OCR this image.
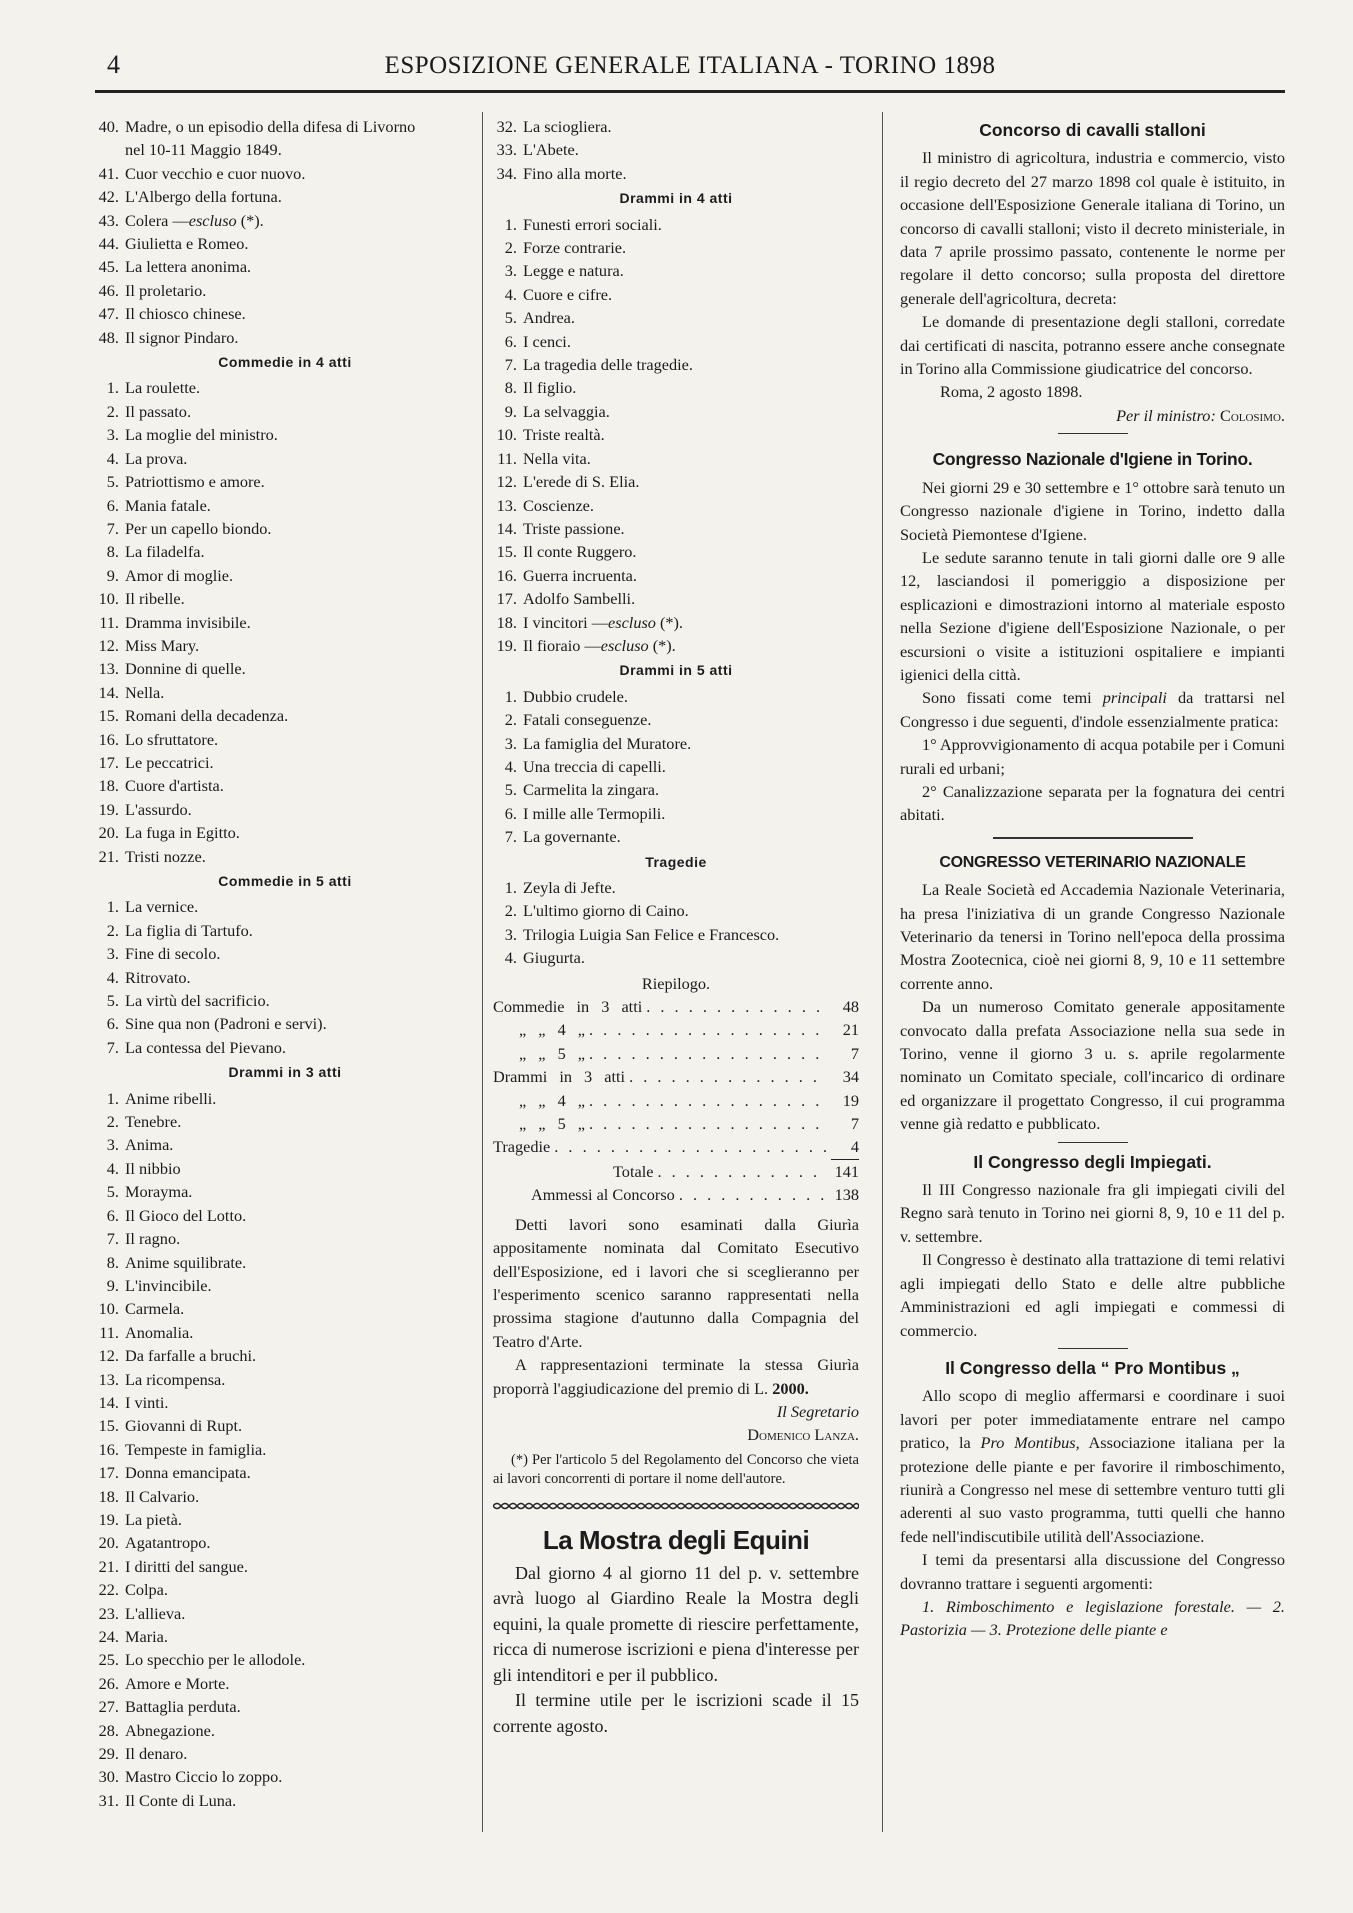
4	ESPOSIZIONE GENERALE ITALIANA - TORINO 1898
40. Madre, o un episodio della difesa di Livorno
nel 10-11 Maggio 1849.
41. Cuor vecchio e cuor nuovo.
42. L'Albergo della fortuna.
43. Colera — escluso (*).
44. Giulietta e Romeo.
45. La lettera anonima.
46. Il proletario.
47. Il chiosco chinese.
48. Il signor Pindaro.
Commedie in 4 atti
1. La roulette.
2. Il passato.
3. La moglie del ministro.
4. La prova.
5. Patriottismo e amore.
6. Mania fatale.
7. Per un capello biondo.
8. La filadelfa.
9. Amor di moglie.
10. Il ribelle.
11. Dramma invisibile.
12. Miss Mary.
13. Donnine di quelle.
14. Nella.
15. Romani della decadenza.
16. Lo sfruttatore.
17. Le peccatrici.
18. Cuore d'artista.
19. L'assurdo.
20. La fuga in Egitto.
21. Tristi nozze.
Commedie in 5 atti
1. La vernice.
2. La figlia di Tartufo.
3. Fine di secolo.
4. Ritrovato.
5. La virtù del sacrificio.
6. Sine qua non (Padroni e servi).
7. La contessa del Pievano.
Drammi in 3 atti
1. Anime ribelli.
2. Tenebre.
3. Anima.
4. Il nibbio
5. Morayma.
6. Il Gioco del Lotto.
7. Il ragno.
8. Anime squilibrate.
9. L'invincibile.
10. Carmela.
11. Anomalia.
12. Da farfalle a bruchi.
13. La ricompensa.
14. I vinti.
15. Giovanni di Rupt.
16. Tempeste in famiglia.
17. Donna emancipata.
18. Il Calvario.
19. La pietà.
20. Agatantropo.
21. I diritti del sangue.
22. Colpa.
23. L'allieva.
24. Maria.
25. Lo specchio per le allodole.
26. Amore e Morte.
27. Battaglia perduta.
28. Abnegazione.
29. Il denaro.
30. Mastro Ciccio lo zoppo.
31. Il Conte di Luna.
32. La sciogliera.
33. L'Abete.
34. Fino alla morte.
Drammi in 4 atti
1. Funesti errori sociali.
2. Forze contrarie.
3. Legge e natura.
4. Cuore e cifre.
5. Andrea.
6. I cenci.
7. La tragedia delle tragedie.
8. Il figlio.
9. La selvaggia.
10. Triste realtà.
11. Nella vita.
12. L'erede di S. Elia.
13. Coscienze.
14. Triste passione.
15. Il conte Ruggero.
16. Guerra incruenta.
17. Adolfo Sambelli.
18. I vincitori — escluso (*).
19. Il fioraio — escluso (*).
Drammi in 5 atti
1. Dubbio crudele.
2. Fatali conseguenze.
3. La famiglia del Muratore.
4. Una treccia di capelli.
5. Carmelita la zingara.
6. I mille alle Termopili.
7. La governante.
Tragedie
1. Zeyla di Jefte.
2. L'ultimo giorno di Caino.
3. Trilogia Luigia San Felice e Francesco.
4. Giugurta.
Riepilogo.
Commedie in 3 atti . . .	48
„ „ 4 „ . . .	21
„ „ 5 „ . . .	7
Drammi in 3 atti . . .	34
„ „ 4 „ . . .	19
„ „ 5 „ . . .	7
Tragedie . . .	4
Totale . . .	141
Ammessi al Concorso . . .	138

Detti lavori sono esaminati dalla Giurìa appositamente nominata dal Comitato Esecutivo dell'Esposizione, ed i lavori che si sceglieranno per l'esperimento scenico saranno rappresentati nella prossima stagione d'autunno dalla Compagnia del Teatro d'Arte.

A rappresentazioni terminate la stessa Giurìa proporrà l'aggiudicazione del premio di L. 2000.

Il Segretario
Domenico Lanza.
(*) Per l'articolo 5 del Regolamento del Concorso che vieta ai lavori concorrenti di portare il nome dell'autore.
La Mostra degli Equini

Dal giorno 4 al giorno 11 del p. v. settembre avrà luogo al Giardino Reale la Mostra degli equini, la quale promette di riescire perfettamente, ricca di numerose iscrizioni e piena d'interesse per gli intenditori e per il pubblico.

Il termine utile per le iscrizioni scade il 15 corrente agosto.

Concorso di cavalli stalloni

Il ministro di agricoltura, industria e commercio, visto il regio decreto del 27 marzo 1898 col quale è istituito, in occasione dell'Esposizione Generale italiana di Torino, un concorso di cavalli stalloni; visto il decreto ministeriale, in data 7 aprile prossimo passato, contenente le norme per regolare il detto concorso; sulla proposta del direttore generale dell'agricoltura, decreta:

Le domande di presentazione degli stalloni, corredate dai certificati di nascita, potranno essere anche consegnate in Torino alla Commissione giudicatrice del concorso.

Roma, 2 agosto 1898.
Per il ministro: Colosimo.
Congresso Nazionale d'Igiene in Torino.

Nei giorni 29 e 30 settembre e 1° ottobre sarà tenuto un Congresso nazionale d'igiene in Torino, indetto dalla Società Piemontese d'Igiene.

Le sedute saranno tenute in tali giorni dalle ore 9 alle 12, lasciandosi il pomeriggio a disposizione per esplicazioni e dimostrazioni intorno al materiale esposto nella Sezione d'igiene dell'Esposizione Nazionale, o per escursioni o visite a istituzioni ospitaliere e impianti igienici della città.

Sono fissati come temi principali da trattarsi nel Congresso i due seguenti, d'indole essenzialmente pratica:

1° Approvvigionamento di acqua potabile per i Comuni rurali ed urbani;

2° Canalizzazione separata per la fognatura dei centri abitati.

CONGRESSO VETERINARIO NAZIONALE

La Reale Società ed Accademia Nazionale Veterinaria, ha presa l'iniziativa di un grande Congresso Nazionale Veterinario da tenersi in Torino nell'epoca della prossima Mostra Zootecnica, cioè nei giorni 8, 9, 10 e 11 settembre corrente anno.

Da un numeroso Comitato generale appositamente convocato dalla prefata Associazione nella sua sede in Torino, venne il giorno 3 u. s. aprile regolarmente nominato un Comitato speciale, coll'incarico di ordinare ed organizzare il progettato Congresso, il cui programma venne già redatto e pubblicato.

Il Congresso degli Impiegati.

Il III Congresso nazionale fra gli impiegati civili del Regno sarà tenuto in Torino nei giorni 8, 9, 10 e 11 del p. v. settembre.

Il Congresso è destinato alla trattazione di temi relativi agli impiegati dello Stato e delle altre pubbliche Amministrazioni ed agli impiegati e commessi di commercio.

Il Congresso della “ Pro Montibus „

Allo scopo di meglio affermarsi e coordinare i suoi lavori per poter immediatamente entrare nel campo pratico, la Pro Montibus, Associazione italiana per la protezione delle piante e per favorire il rimboschimento, riunirà a Congresso nel mese di settembre venturo tutti gli aderenti al suo vasto programma, tutti quelli che hanno fede nell'indiscutibile utilità dell'Associazione.

I temi da presentarsi alla discussione del Congresso dovranno trattare i seguenti argomenti:

1. Rimboschimento e legislazione forestale. — 2. Pastorizia — 3. Protezione delle piante e
